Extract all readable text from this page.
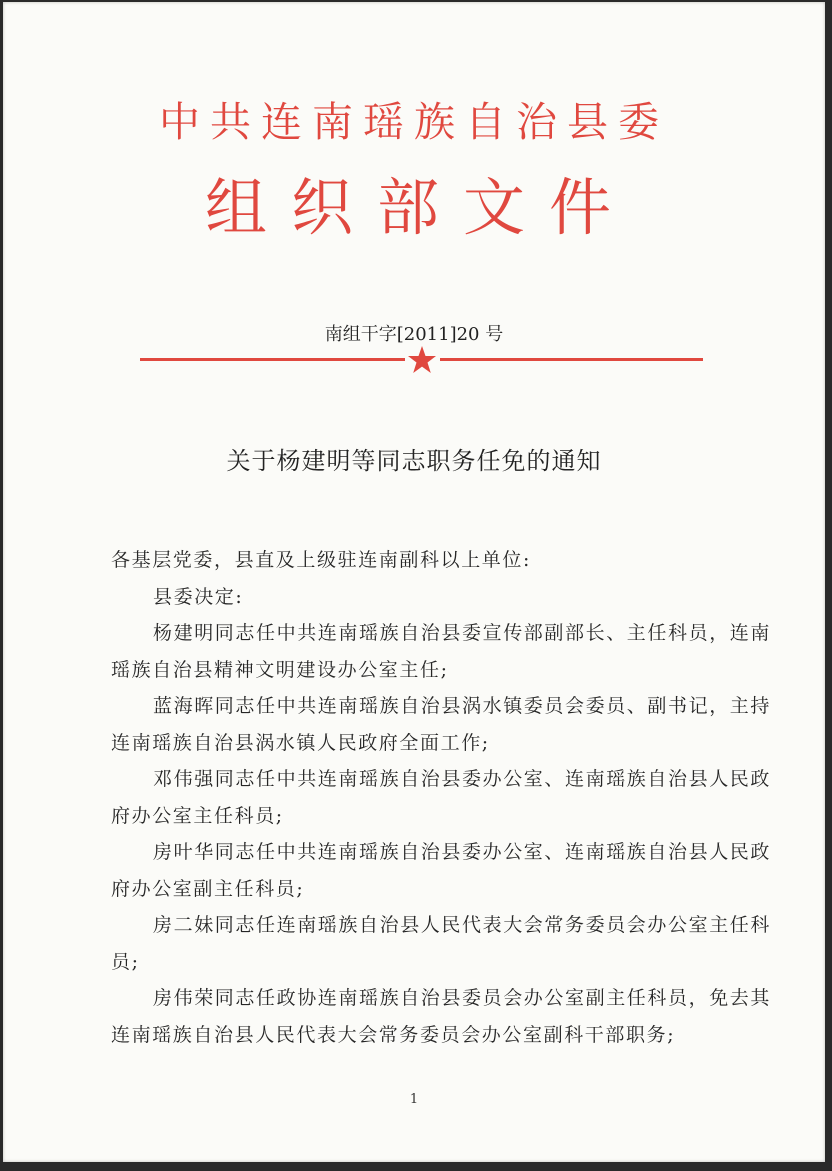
中共连南瑶族自治县委
组织部文件
南组干字[2011]20 号
关于杨建明等同志职务任免的通知

各基层党委，县直及上级驻连南副科以上单位:

县委决定:

杨建明同志任中共连南瑶族自治县委宣传部副部长、主任科员，连南瑶族自治县精神文明建设办公室主任;

蓝海晖同志任中共连南瑶族自治县涡水镇委员会委员、副书记，主持连南瑶族自治县涡水镇人民政府全面工作;

邓伟强同志任中共连南瑶族自治县委办公室、连南瑶族自治县人民政府办公室主任科员;

房叶华同志任中共连南瑶族自治县委办公室、连南瑶族自治县人民政府办公室副主任科员;

房二妹同志任连南瑶族自治县人民代表大会常务委员会办公室主任科员;

房伟荣同志任政协连南瑶族自治县委员会办公室副主任科员，免去其连南瑶族自治县人民代表大会常务委员会办公室副科干部职务;

1
